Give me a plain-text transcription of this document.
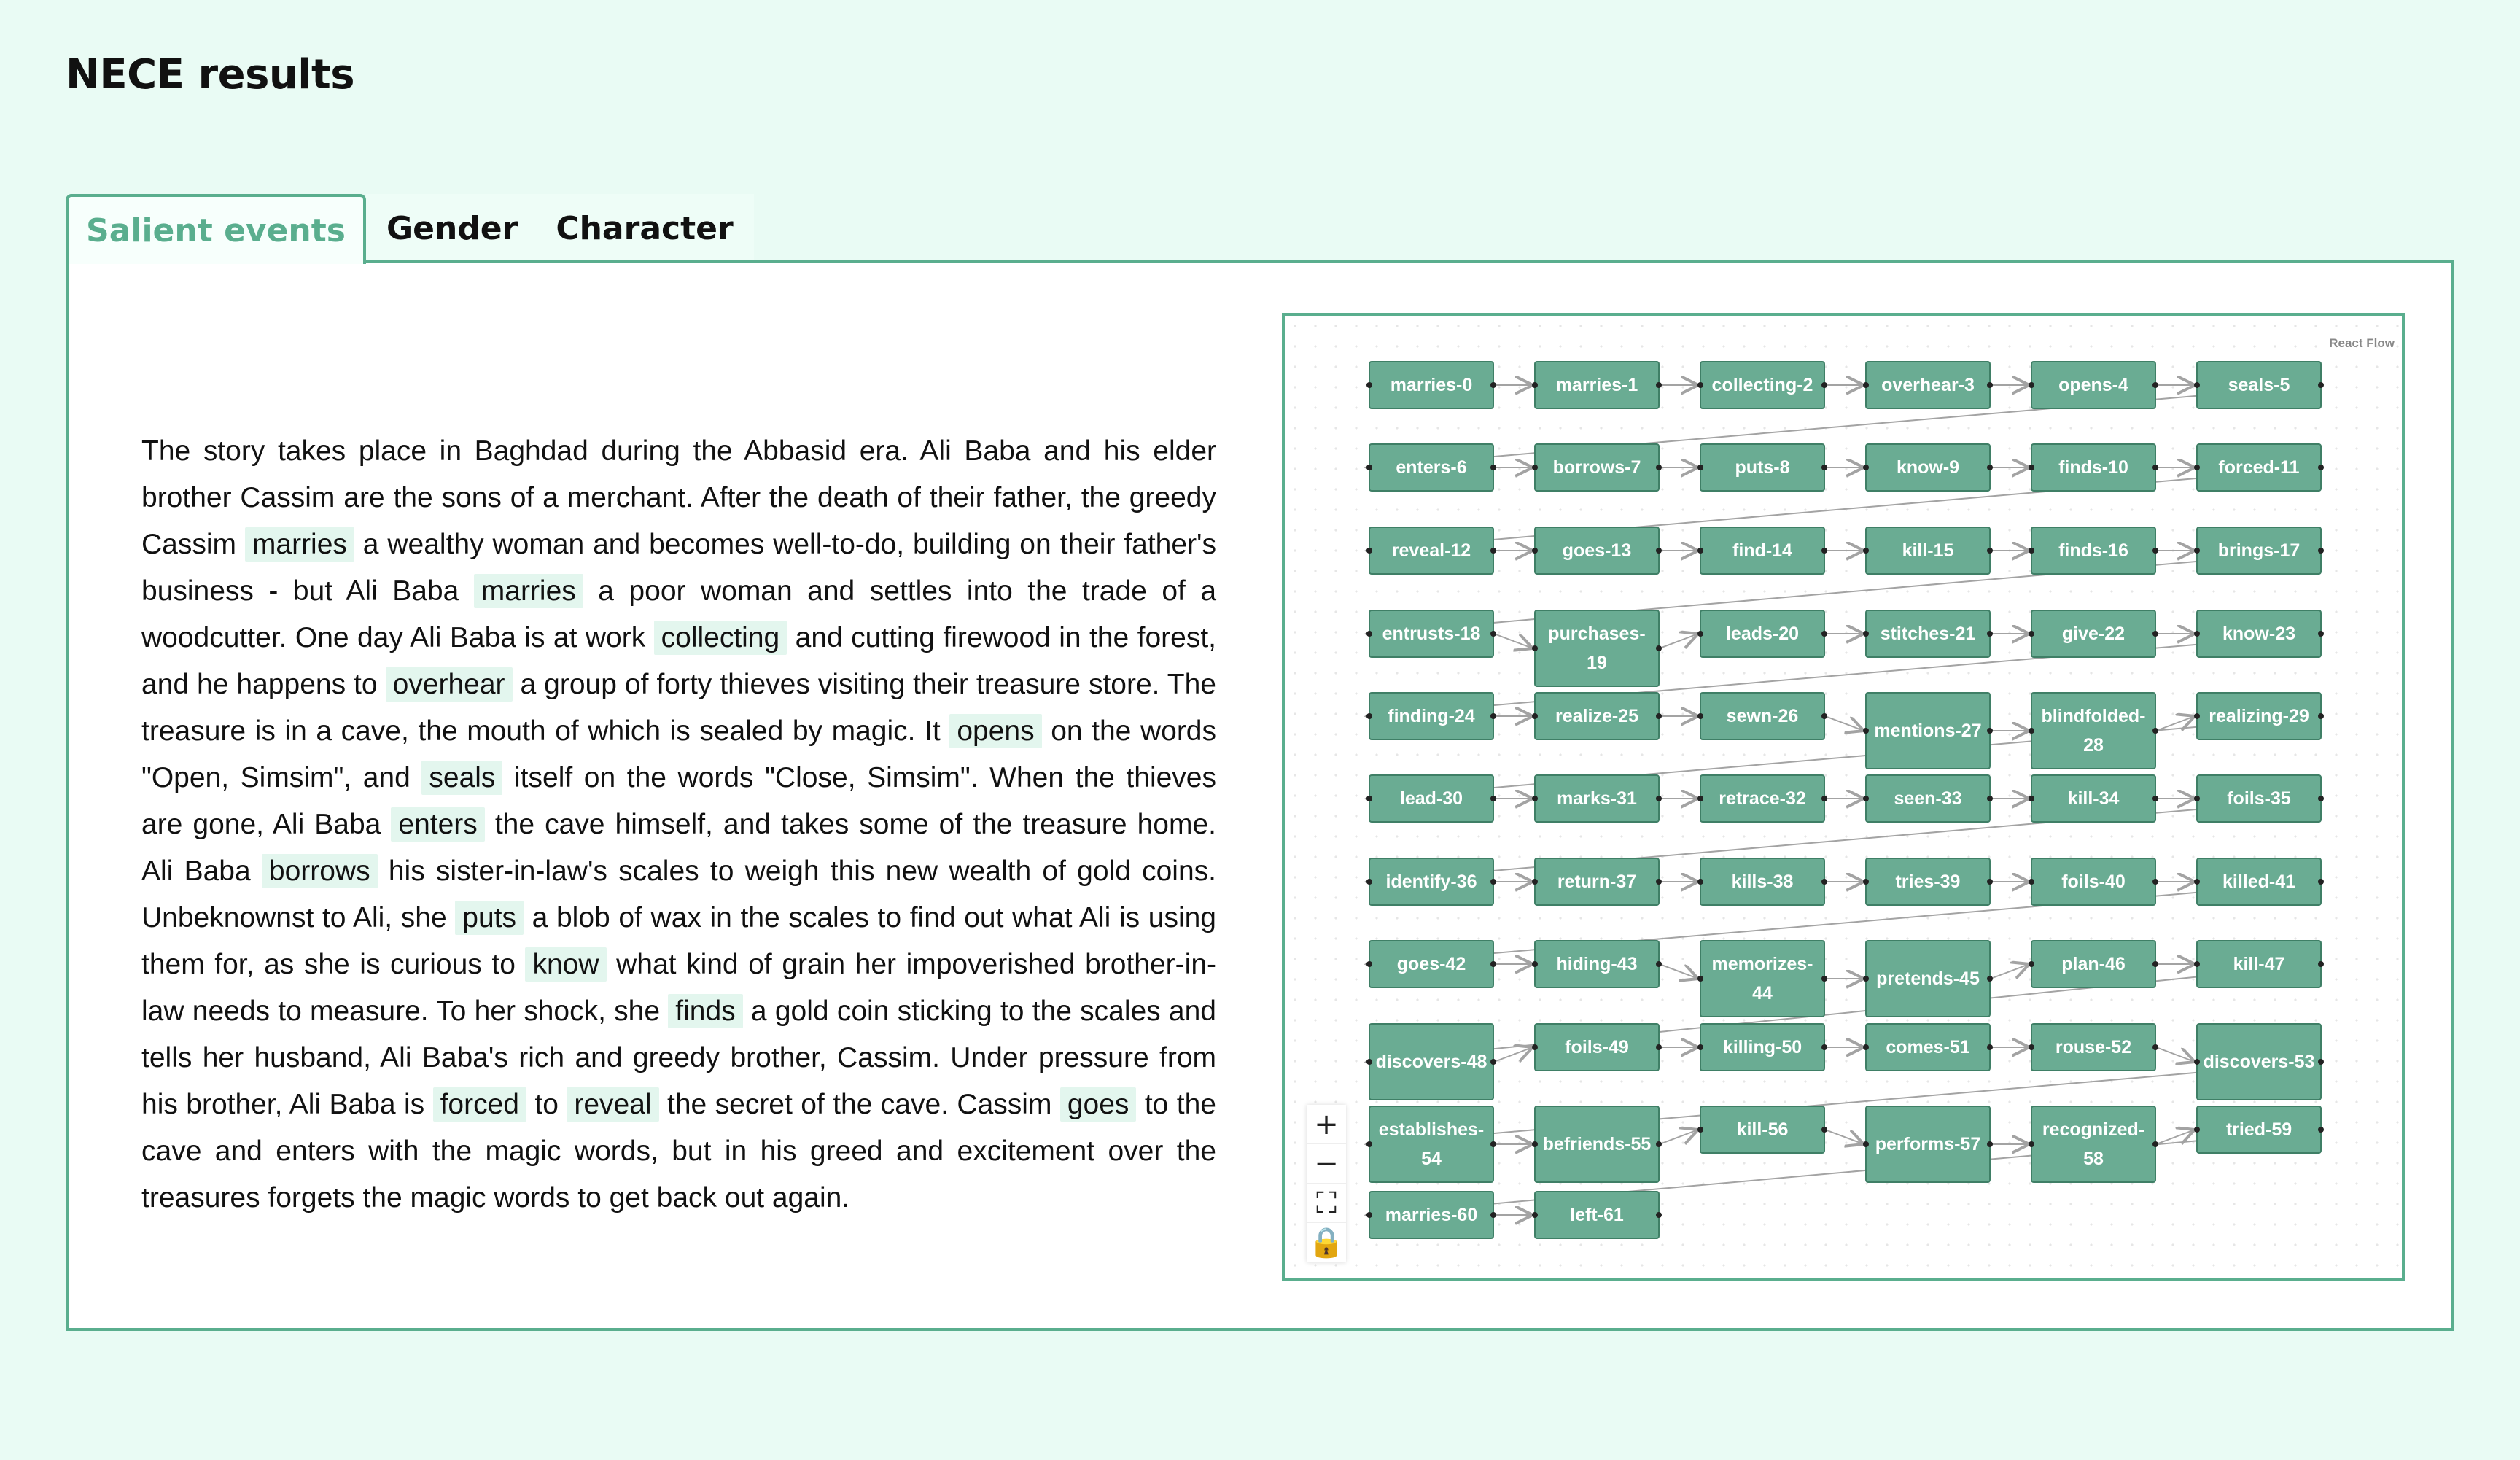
NECE results
Salient events	Gender	Character
The story takes place in Baghdad during the Abbasid era. Ali Baba and his elder brother Cassim are the sons of a merchant. After the death of their father, the greedy Cassim marries a wealthy woman and becomes well-to-do, building on their father's business - but Ali Baba marries a poor woman and settles into the trade of a woodcutter. One day Ali Baba is at work collecting and cutting firewood in the forest, and he happens to overhear a group of forty thieves visiting their treasure store. The treasure is in a cave, the mouth of which is sealed by magic. It opens on the words "Open, Simsim", and seals itself on the words "Close, Simsim". When the thieves are gone, Ali Baba enters the cave himself, and takes some of the treasure home. Ali Baba borrows his sister-in-law's scales to weigh this new wealth of gold coins. Unbeknownst to Ali, she puts a blob of wax in the scales to find out what Ali is using them for, as she is curious to know what kind of grain her impoverished brother-in-law needs to measure. To her shock, she finds a gold coin sticking to the scales and tells her husband, Ali Baba's rich and greedy brother, Cassim. Under pressure from his brother, Ali Baba is forced to reveal the secret of the cave. Cassim goes to the cave and enters with the magic words, but in his greed and excitement over the treasures forgets the magic words to get back out again.
React Flow
+
−
⛶
🔒
marries-0	marries-1	collecting-2	overhear-3	opens-4	seals-5
enters-6	borrows-7	puts-8	know-9	finds-10	forced-11
reveal-12	goes-13	find-14	kill-15	finds-16	brings-17
entrusts-18	purchases-19
leads-20	stitches-21	give-22	know-23
finding-24	realize-25	sewn-26
mentions-27
blindfolded-28
realizing-29
lead-30	marks-31	retrace-32	seen-33	kill-34	foils-35
identify-36	return-37	kills-38	tries-39	foils-40	killed-41
goes-42	hiding-43	memorizes-44
pretends-45
plan-46	kill-47
discovers-48
foils-49	killing-50	comes-51	rouse-52
discovers-53
establishes-54
befriends-55
kill-56
performs-57
recognized-58
tried-59
marries-60	left-61
